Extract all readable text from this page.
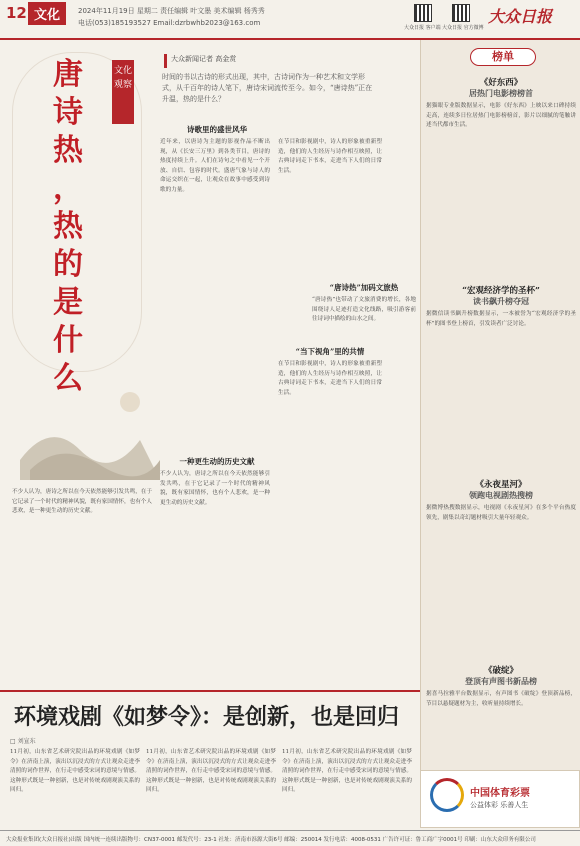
12 文化	2024年11月19日 星期二 责任编辑 叶文墨 美术编辑 杨秀秀
电话(053)185193527 Email:dzrbwhb2023@163.com
大众日报 客户端 大众日报 官方微博
大众日报
唐
诗
热
，
热
的
是
什
么
文化观察
大众新闻记者 高金赏
时间的书以古诗的形式出现，其中，古诗词作为一种艺术和文学形式，从千百年的诗人笔下，唐诗宋词流传至今。如今，“唐诗热”正在升温，热的是什么？
诗歌里的盛世风华
近年来，以唐诗为主题的影视作品不断出现，从《长安三万里》到各类节目，唐诗的热度持续上升。人们在诗句之中看见一个开放、自信、包容的时代。盛唐气象与诗人的命运交织在一起，让观众在故事中感受到诗歌的力量。
一种更生动的历史文献
不少人认为，唐诗之所以在今天依然能够引发共鸣，在于它记录了一个时代的精神风貌，既有家国情怀，也有个人悲欢，是一种更生动的历史文献。
在节目和影视剧中，诗人的形象被重新塑造，他们的人生经历与诗作相互映照，让古典诗词走下书本，走进当下人们的日常生活。
“当下视角”里的共情
在节目和影视剧中，诗人的形象被重新塑造，他们的人生经历与诗作相互映照，让古典诗词走下书本，走进当下人们的日常生活。
不少人认为，唐诗之所以在今天依然能够引发共鸣，在于它记录了一个时代的精神风貌，既有家国情怀，也有个人悲欢，是一种更生动的历史文献。
“唐诗热”加码文旅热
“唐诗热”也带动了文旅消费的增长，各地围绕诗人足迹打造文化线路，吸引游客前往诗词中描绘的山水之间。
榜单
《好东西》
居热门电影榜榜首
据猫眼专业版数据显示，电影《好东西》上映以来口碑持续走高，连续多日位居热门电影榜榜首，影片以细腻的笔触讲述当代都市生活。
“宏观经济学的圣杯”
读书飙升榜夺冠
据微信读书飙升榜数据显示，一本被誉为“宏观经济学的圣杯”的图书登上榜首，引发读者广泛讨论。
《永夜星河》
领跑电视剧热搜榜
据微博热搜数据显示，电视剧《永夜星河》在多个平台热度领先，剧集以奇幻题材吸引大量年轻观众。
《破绽》
登顶有声图书新品榜
据喜马拉雅平台数据显示，有声图书《破绽》登顶新品榜，节目以悬疑题材为主，收听量持续增长。
环境戏剧《如梦令》：是创新，也是回归
□ 刘宣东
11月初，山东省艺术研究院出品的环境戏剧《如梦令》在济南上演，演出以沉浸式的方式让观众走进李清照的词作世界，在行走中感受宋词的意境与情感。这种形式既是一种创新，也是对传统戏剧观演关系的回归。
11月初，山东省艺术研究院出品的环境戏剧《如梦令》在济南上演，演出以沉浸式的方式让观众走进李清照的词作世界，在行走中感受宋词的意境与情感。这种形式既是一种创新，也是对传统戏剧观演关系的回归。
11月初，山东省艺术研究院出品的环境戏剧《如梦令》在济南上演，演出以沉浸式的方式让观众走进李清照的词作世界，在行走中感受宋词的意境与情感。这种形式既是一种创新，也是对传统戏剧观演关系的回归。	中国体育彩票
公益体彩 乐善人生
大众报业集团(大众日报社)出版 国内统一连续出版物号：CN37-0001 邮发代号：23-1 社址：济南市泺源大街6号 邮编：250014 发行电话：4008-0531 广告许可证：鲁工商广字0001号 印刷：山东大众印务有限公司
